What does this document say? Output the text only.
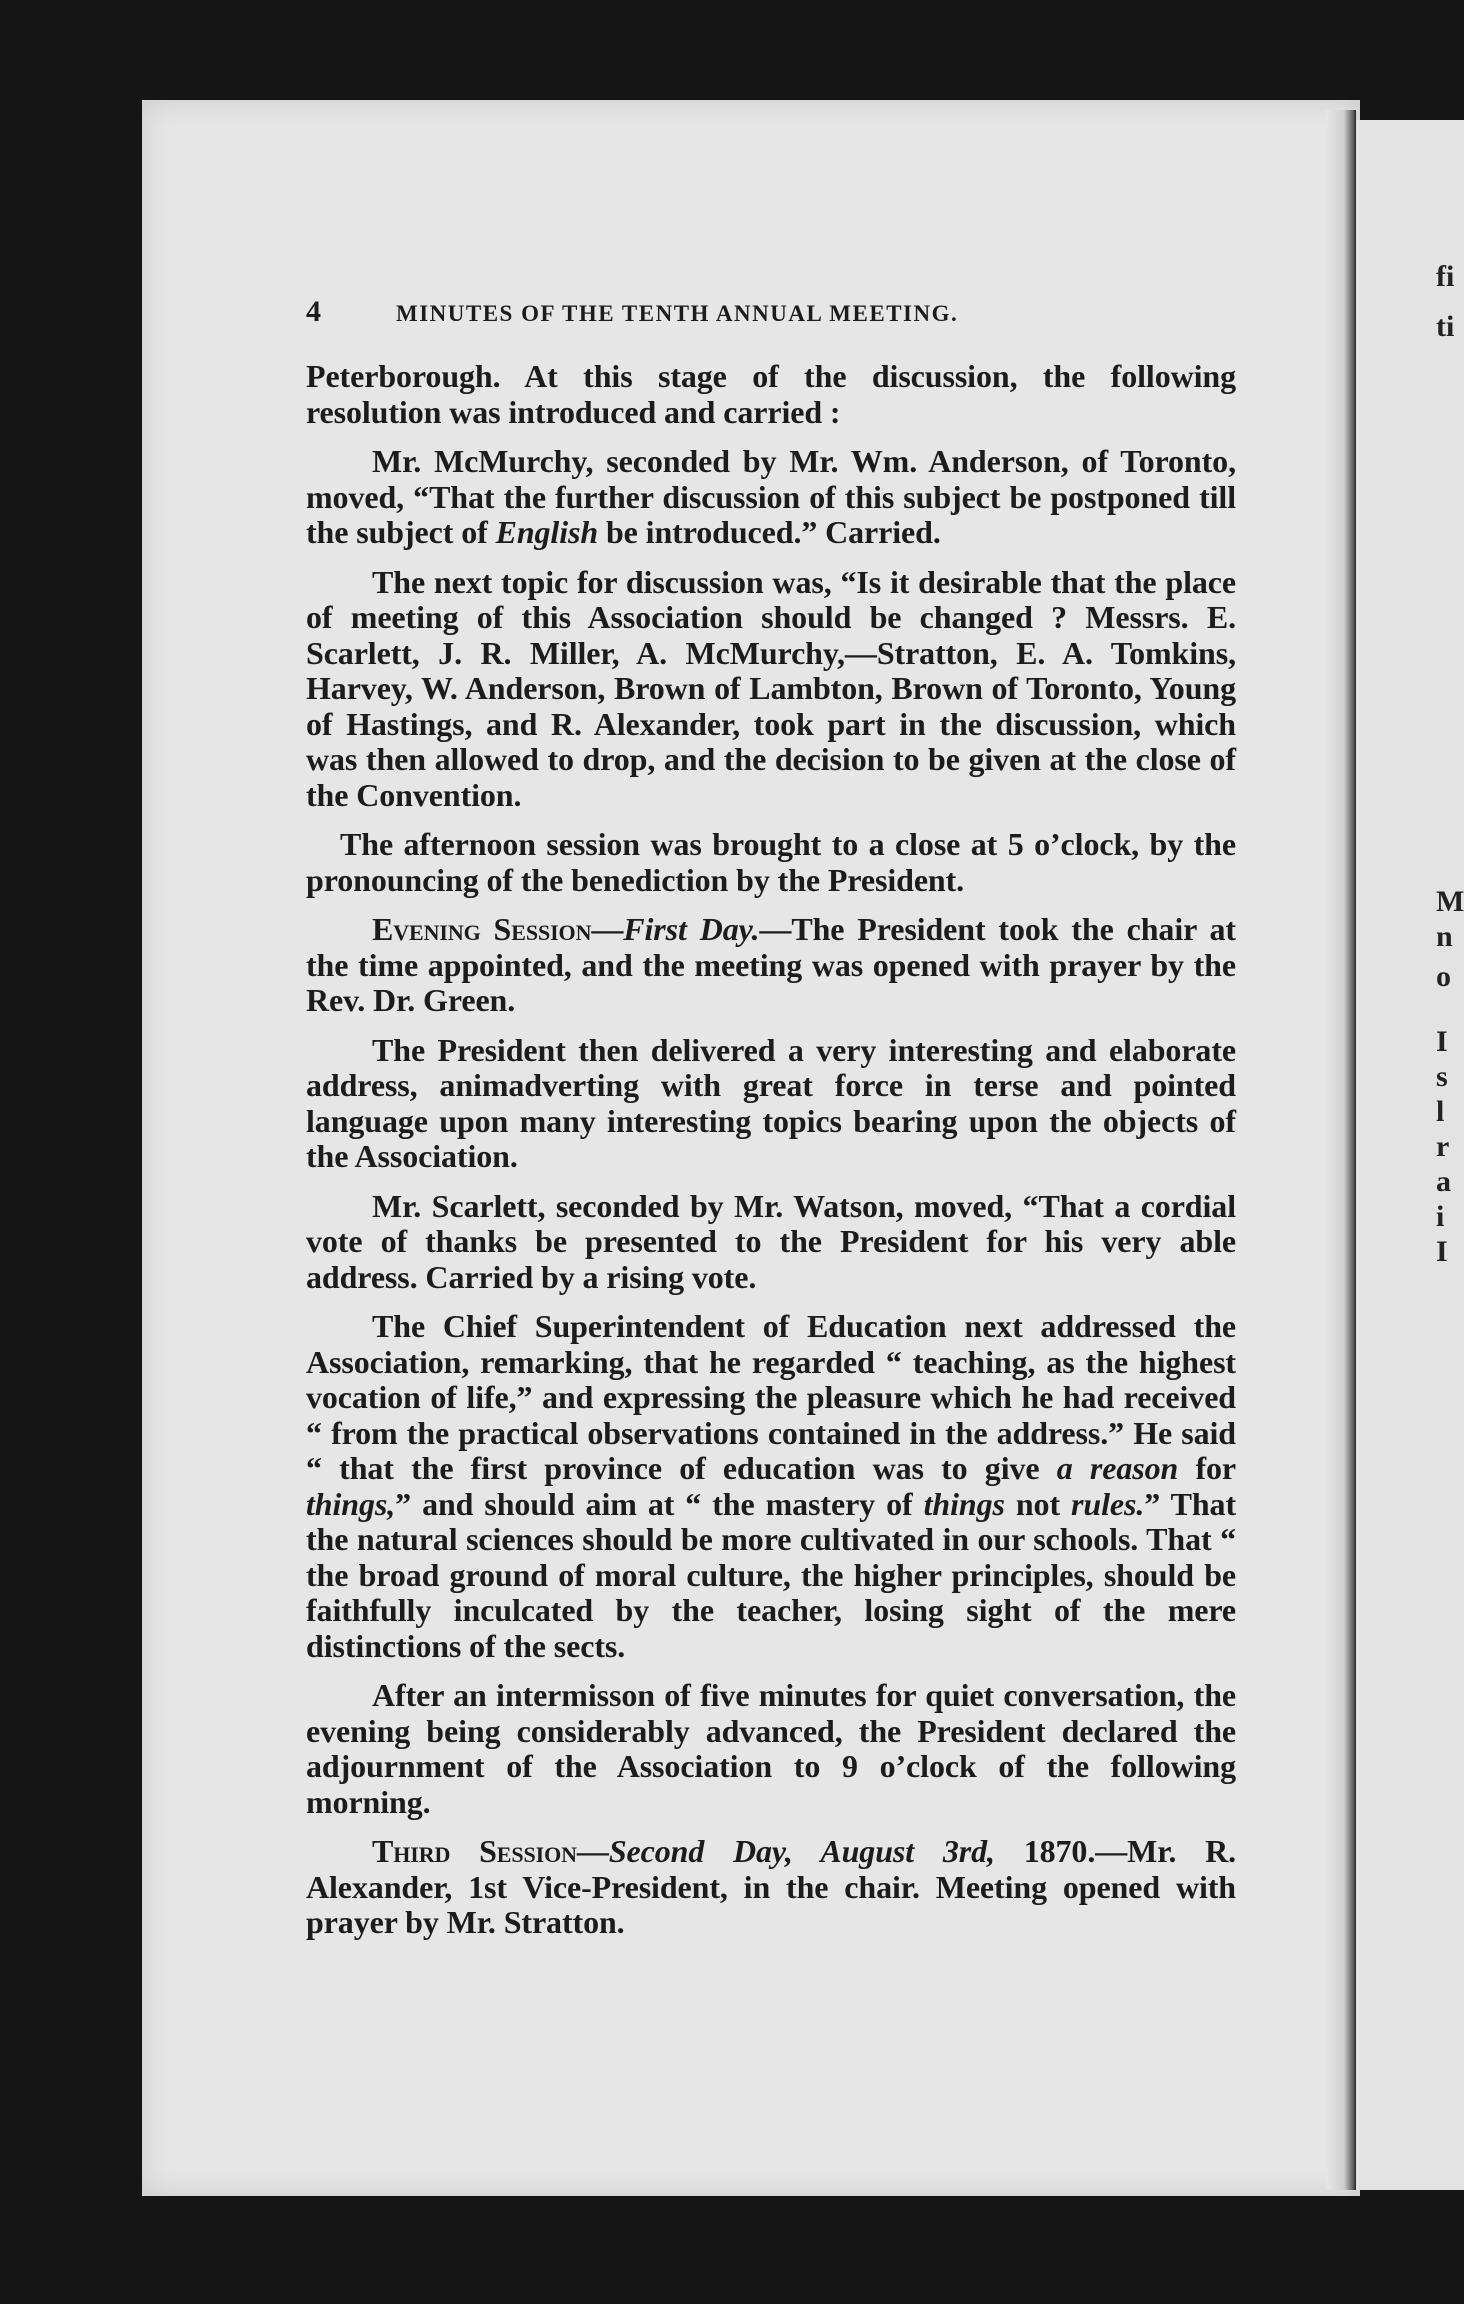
fi
ti
M
n
o
I
s
l
r
a
i
I
4	MINUTES OF THE TENTH ANNUAL MEETING.

Peterborough. At this stage of the discussion, the following resolution was introduced and carried :

Mr. McMurchy, seconded by Mr. Wm. Anderson, of Toronto, moved, “That the further discussion of this subject be postponed till the subject of English be introduced.” Carried.

The next topic for discussion was, “Is it desirable that the place of meeting of this Association should be changed ? Messrs. E. Scarlett, J. R. Miller, A. McMurchy,—Stratton, E. A. Tomkins, Harvey, W. Anderson, Brown of Lambton, Brown of Toronto, Young of Hastings, and R. Alexander, took part in the discussion, which was then allowed to drop, and the decision to be given at the close of the Convention.

The afternoon session was brought to a close at 5 o’clock, by the pronouncing of the benediction by the President.

Evening Session—First Day.—The President took the chair at the time appointed, and the meeting was opened with prayer by the Rev. Dr. Green.

The President then delivered a very interesting and elaborate address, animadverting with great force in terse and pointed language upon many interesting topics bearing upon the objects of the Association.

Mr. Scarlett, seconded by Mr. Watson, moved, “That a cordial vote of thanks be presented to the President for his very able address. Carried by a rising vote.

The Chief Superintendent of Education next addressed the Association, remarking, that he regarded “ teaching, as the highest vocation of life,” and expressing the pleasure which he had received “ from the practical observations contained in the address.” He said “ that the first province of education was to give a reason for things,” and should aim at “ the mastery of things not rules.” That the natural sciences should be more cultivated in our schools. That “ the broad ground of moral culture, the higher principles, should be faithfully inculcated by the teacher, losing sight of the mere distinctions of the sects.

After an intermisson of five minutes for quiet conversation, the evening being considerably advanced, the President declared the adjournment of the Association to 9 o’clock of the following morning.

Third Session—Second Day, August 3rd, 1870.—Mr. R. Alexander, 1st Vice-President, in the chair. Meeting opened with prayer by Mr. Stratton.
